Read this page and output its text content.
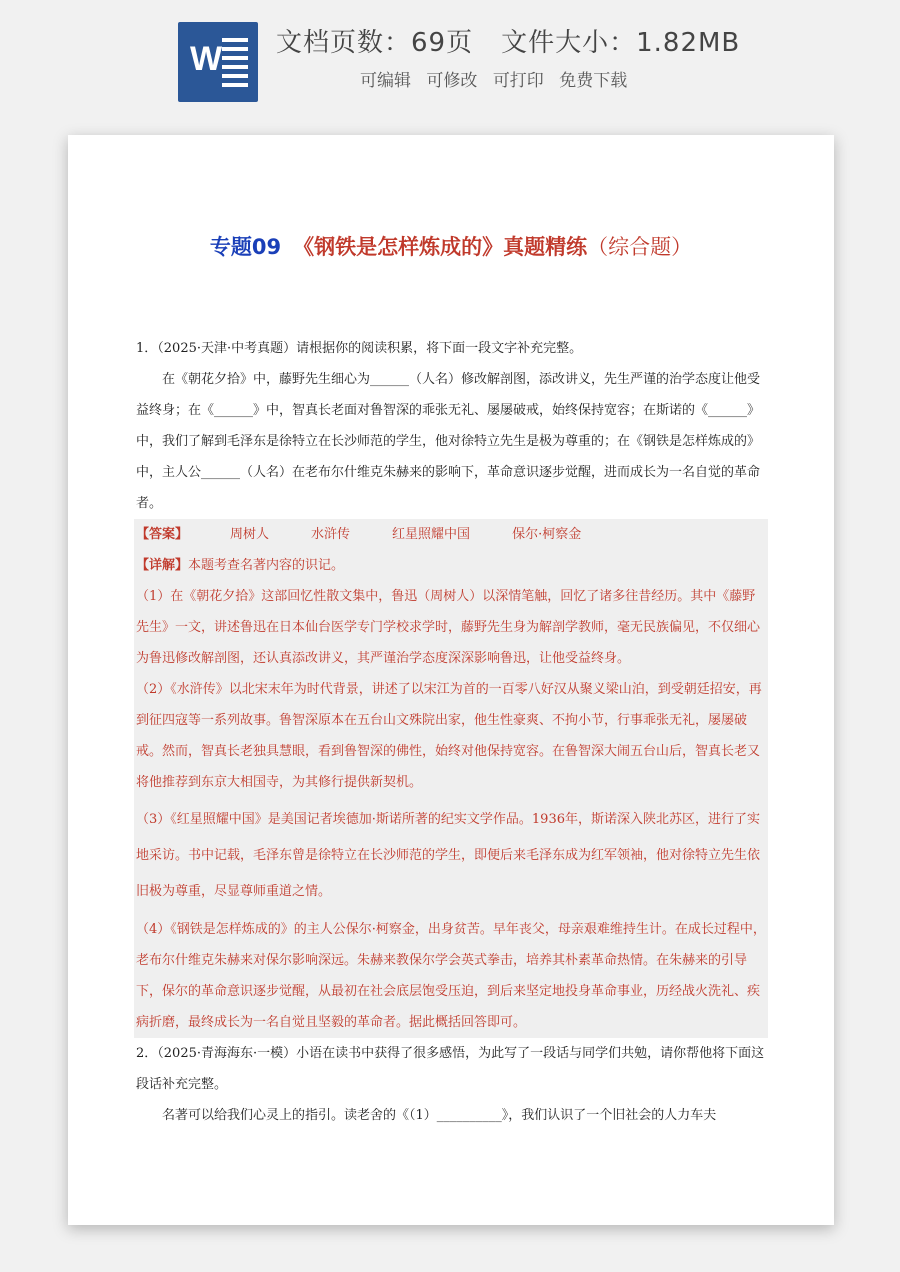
W 文档页数：69页 文件大小：1.82MB
可编辑 可修改 可打印 免费下载
专题09 《钢铁是怎样炼成的》真题精练（综合题）

1．（2025·天津·中考真题）请根据你的阅读积累，将下面一段文字补充完整。

在《朝花夕拾》中，藤野先生细心为______（人名）修改解剖图，添改讲义，先生严谨的治学态度让他受益终身；在《______》中，智真长老面对鲁智深的乖张无礼、屡屡破戒，始终保持宽容；在斯诺的《______》中，我们了解到毛泽东是徐特立在长沙师范的学生，他对徐特立先生是极为尊重的；在《钢铁是怎样炼成的》中，主人公______（人名）在老布尔什维克朱赫来的影响下，革命意识逐步觉醒，进而成长为一名自觉的革命者。

【答案】	周树人	水浒传	红星照耀中国	保尔·柯察金

【详解】本题考查名著内容的识记。

（1）在《朝花夕拾》这部回忆性散文集中，鲁迅（周树人）以深情笔触，回忆了诸多往昔经历。其中《藤野先生》一文，讲述鲁迅在日本仙台医学专门学校求学时，藤野先生身为解剖学教师，毫无民族偏见，不仅细心为鲁迅修改解剖图，还认真添改讲义，其严谨治学态度深深影响鲁迅，让他受益终身。

（2）《水浒传》以北宋末年为时代背景，讲述了以宋江为首的一百零八好汉从聚义梁山泊，到受朝廷招安，再到征四寇等一系列故事。鲁智深原本在五台山文殊院出家，他生性豪爽、不拘小节，行事乖张无礼，屡屡破戒。然而，智真长老独具慧眼，看到鲁智深的佛性，始终对他保持宽容。在鲁智深大闹五台山后，智真长老又将他推荐到东京大相国寺，为其修行提供新契机。

（3）《红星照耀中国》是美国记者埃德加·斯诺所著的纪实文学作品。1936年，斯诺深入陕北苏区，进行了实地采访。书中记载，毛泽东曾是徐特立在长沙师范的学生，即便后来毛泽东成为红军领袖，他对徐特立先生依旧极为尊重，尽显尊师重道之情。

（4）《钢铁是怎样炼成的》的主人公保尔·柯察金，出身贫苦。早年丧父，母亲艰难维持生计。在成长过程中，老布尔什维克朱赫来对保尔影响深远。朱赫来教保尔学会英式拳击，培养其朴素革命热情。在朱赫来的引导下，保尔的革命意识逐步觉醒，从最初在社会底层饱受压迫，到后来坚定地投身革命事业，历经战火洗礼、疾病折磨，最终成长为一名自觉且坚毅的革命者。据此概括回答即可。

2．（2025·青海海东·一模）小语在读书中获得了很多感悟，为此写了一段话与同学们共勉，请你帮他将下面这段话补充完整。

名著可以给我们心灵上的指引。读老舍的《（1）__________》，我们认识了一个旧社会的人力车夫
